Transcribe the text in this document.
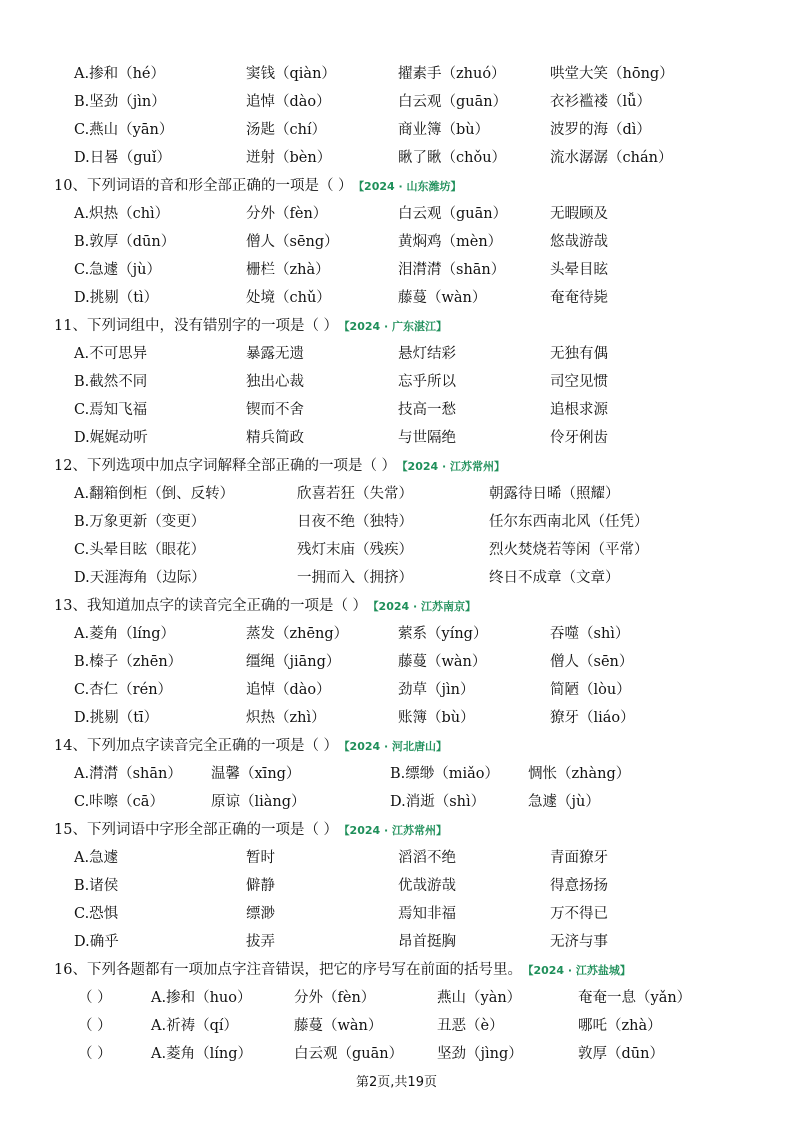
A.掺和（hé）	窦钱（qiàn）	擢素手（zhuó）	哄堂大笑（hōng）
B.坚劲（jìn）	追悼（dào）	白云观（guān）	衣衫褴褛（lǚ）
C.燕山（yān）	汤匙（chí）	商业簿（bù）	波罗的海（dì）
D.日晷（guǐ）	迸射（bèn）	瞅了瞅（chǒu）	流水潺潺（chán）
10、下列词语的音和形全部正确的一项是（ ） 【2024 · 山东潍坊】
A.炽热（chì）	分外（fèn）	白云观（guān）	无暇顾及
B.敦厚（dūn）	僧人（sēng）	黄焖鸡（mèn）	悠哉游哉
C.急遽（jù）	栅栏（zhà）	泪潸潸（shān）	头晕目眩
D.挑剔（tì）	处境（chǔ）	藤蔓（wàn）	奄奄待毙
11、下列词组中，没有错别字的一项是（ ） 【2024 · 广东湛江】
A.不可思异	暴露无遗	悬灯结彩	无独有偶
B.截然不同	独出心裁	忘乎所以	司空见惯
C.焉知飞福	锲而不舍	技高一愁	追根求源
D.娓娓动听	精兵简政	与世隔绝	伶牙俐齿
12、下列选项中加点字词解释全部正确的一项是（ ） 【2024 · 江苏常州】
A.翻箱倒柜（倒、反转）	欣喜若狂（失常）	朝露待日晞（照耀）
B.万象更新（变更）	日夜不绝（独特）	任尔东西南北风（任凭）
C.头晕目眩（眼花）	残灯末庙（残疾）	烈火焚烧若等闲（平常）
D.天涯海角（边际）	一拥而入（拥挤）	终日不成章（文章）
13、我知道加点字的读音完全正确的一项是（ ） 【2024 · 江苏南京】
A.菱角（líng）	蒸发（zhēng）	萦系（yíng）	吞噬（shì）
B.榛子（zhēn）	缰绳（jiāng）	藤蔓（wàn）	僧人（sēn）
C.杏仁（rén）	追悼（dào）	劲草（jìn）	简陋（lòu）
D.挑剔（tī）	炽热（zhì）	账簿（bù）	獠牙（liáo）
14、下列加点字读音完全正确的一项是（ ） 【2024 · 河北唐山】
A.潸潸（shān） 温馨（xīng）	B.缥缈（miǎo） 惆怅（zhàng）
C.咔嚓（cā）	原谅（liàng）	D.消逝（shì）	急遽（jù）
15、下列词语中字形全部正确的一项是（ ） 【2024 · 江苏常州】
A.急遽	暂时	滔滔不绝	青面獠牙
B.诸侯	僻静	优哉游哉	得意扬扬
C.恐惧	缥渺	焉知非福	万不得已
D.确乎	拔弄	昂首挺胸	无济与事
16、下列各题都有一项加点字注音错误，把它的序号写在前面的括号里。 【2024 · 江苏盐城】
（ ）	A.掺和（huo）	分外（fèn）	燕山（yàn）	奄奄一息（yǎn）
（ ）	A.祈祷（qí）	藤蔓（wàn）	丑恶（è）	哪吒（zhà）
（ ）	A.菱角（líng）	白云观（guān） 坚劲（jìng）	敦厚（dūn）
第2页,共19页
